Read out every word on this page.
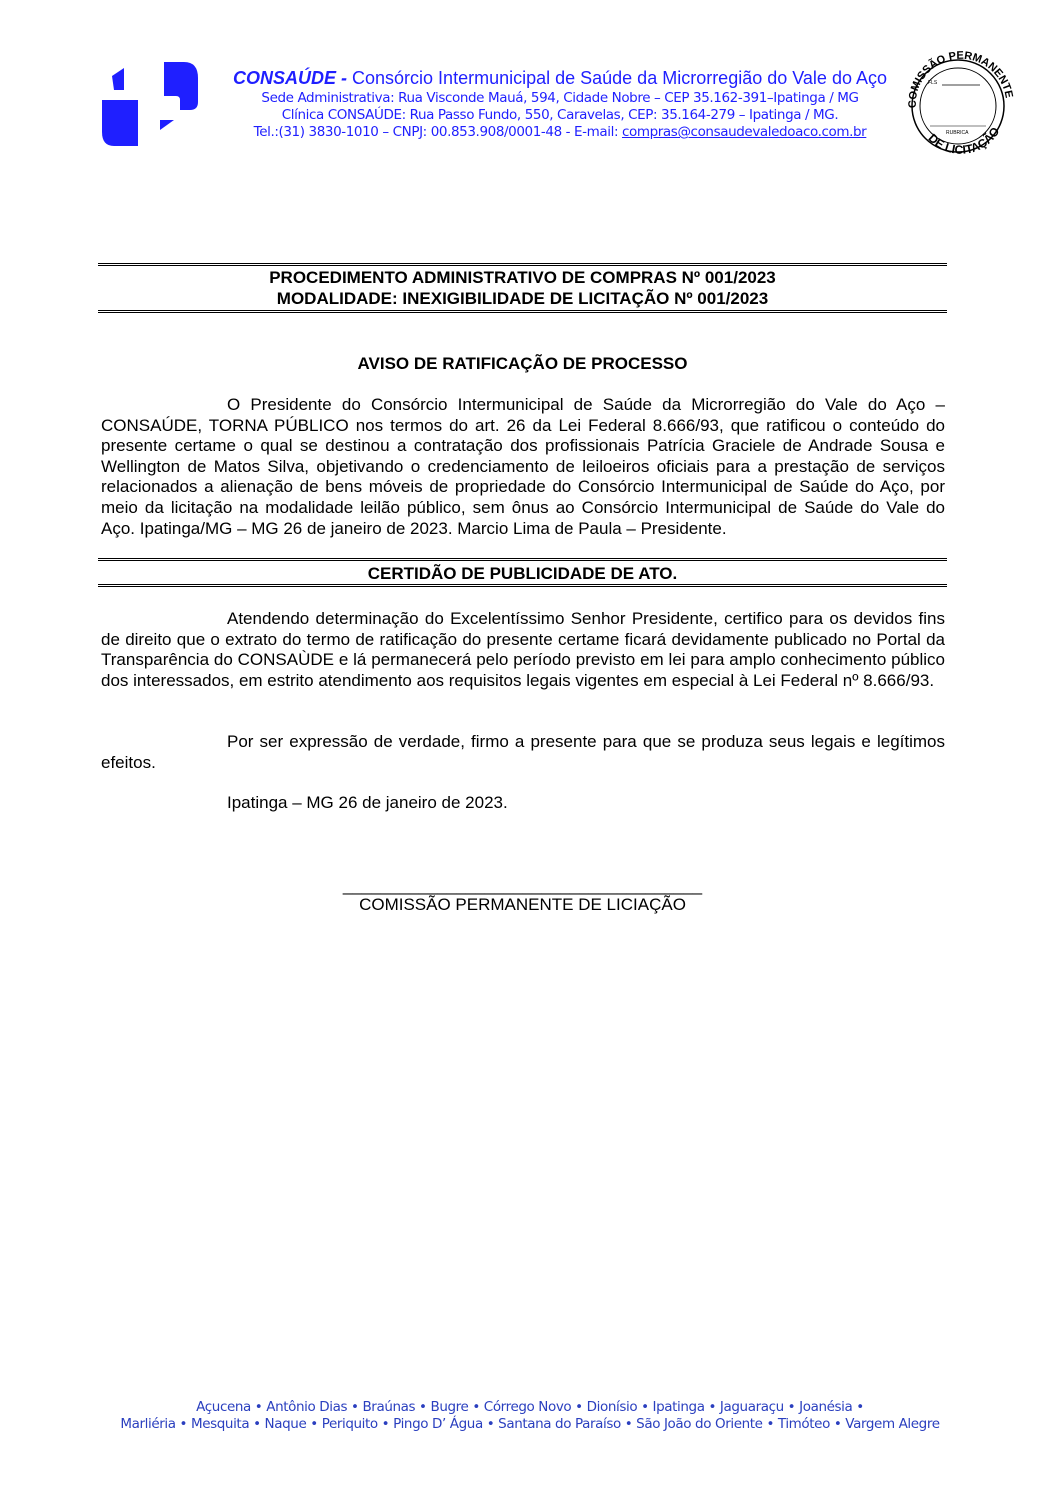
CONSAÚDE - Consórcio Intermunicipal de Saúde da Microrregião do Vale do Aço
Sede Administrativa: Rua Visconde Mauá, 594, Cidade Nobre – CEP 35.162-391–Ipatinga / MG
Clínica CONSAÚDE: Rua Passo Fundo, 550, Caravelas, CEP: 35.164-279 – Ipatinga / MG.
Tel.:(31) 3830-1010 – CNPJ: 00.853.908/0001-48 - E-mail: compras@consaudevaledoaco.com.br
COMISSÃO PERMANENTE
DE LICITAÇÃO
FLS
RUBRICA
PROCEDIMENTO ADMINISTRATIVO DE COMPRAS Nº 001/2023
MODALIDADE: INEXIGIBILIDADE DE LICITAÇÃO Nº 001/2023
AVISO DE RATIFICAÇÃO DE PROCESSO
O Presidente do Consórcio Intermunicipal de Saúde da Microrregião do Vale do Aço – CONSAÚDE, TORNA PÚBLICO nos termos do art. 26 da Lei Federal 8.666/93, que ratificou o conteúdo do presente certame o qual se destinou a contratação dos profissionais Patrícia Graciele de Andrade Sousa e Wellington de Matos Silva, objetivando o credenciamento de leiloeiros oficiais para a prestação de serviços relacionados a alienação de bens móveis de propriedade do Consórcio Intermunicipal de Saúde do Aço, por meio da licitação na modalidade leilão público, sem ônus ao Consórcio Intermunicipal de Saúde do Vale do Aço. Ipatinga/MG – MG 26 de janeiro de 2023. Marcio Lima de Paula – Presidente.
CERTIDÃO DE PUBLICIDADE DE ATO.
Atendendo determinação do Excelentíssimo Senhor Presidente, certifico para os devidos fins de direito que o extrato do termo de ratificação do presente certame ficará devidamente publicado no Portal da Transparência do CONSAÙDE e lá permanecerá pelo período previsto em lei para amplo conhecimento público dos interessados, em estrito atendimento aos requisitos legais vigentes em especial à Lei Federal nº 8.666/93.
Por ser expressão de verdade, firmo a presente para que se produza seus legais e legítimos efeitos.
Ipatinga – MG 26 de janeiro de 2023.
______________________________________
COMISSÃO PERMANENTE DE LICIAÇÃO
Açucena • Antônio Dias • Braúnas • Bugre • Córrego Novo • Dionísio • Ipatinga • Jaguaraçu • Joanésia •
Marliéria • Mesquita • Naque • Periquito • Pingo D’ Água • Santana do Paraíso • São João do Oriente • Timóteo • Vargem Alegre
